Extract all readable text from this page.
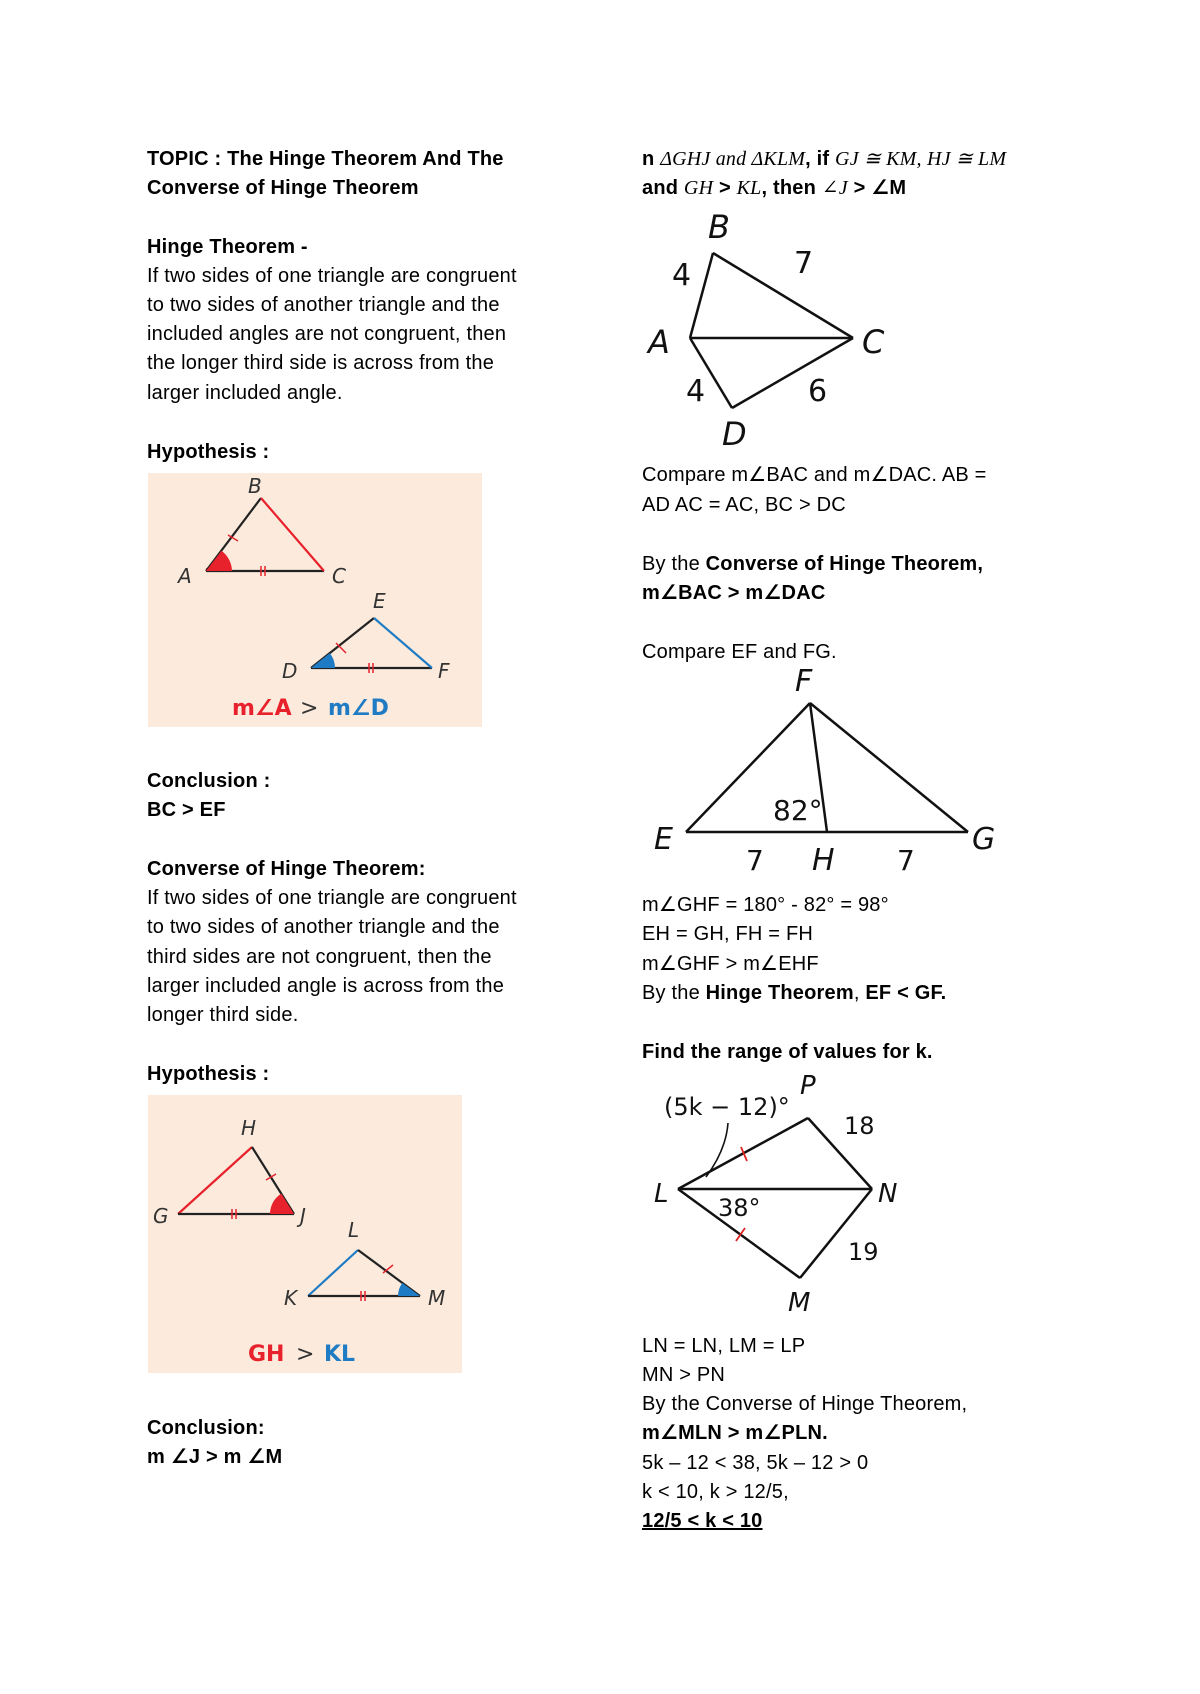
TOPIC : The Hinge Theorem And The
Converse of Hinge Theorem
Hinge Theorem -
If two sides of one triangle are congruent
to two sides of another triangle and the
included angles are not congruent, then
the longer third side is across from the
larger included angle.
Hypothesis :
B
A	C
E
D	F
m∠A > m∠D
Conclusion :
BC > EF
Converse of Hinge Theorem:
If two sides of one triangle are congruent
to two sides of another triangle and the
third sides are not congruent, then the
larger included angle is across from the
longer third side.
Hypothesis :
H
G	J
L
K	M
GH > KL
Conclusion:
m ∠J > m ∠M
n ΔGHJ and ΔKLM, if GJ ≅ KM, HJ ≅ LM
and GH > KL, then ∠J > ∠M
B
A	C
D
4	7
4	6
Compare m∠BAC and m∠DAC. AB =
AD AC = AC, BC > DC
By the Converse of Hinge Theorem,
m∠BAC > m∠DAC
Compare EF and FG.
F
E
H
G
82°
7	7
m∠GHF = 180° - 82° = 98°
EH = GH, FH = FH
m∠GHF > m∠EHF
By the Hinge Theorem, EF < GF.
Find the range of values for k.
(5k − 12)°
P
L	N
M
38°
18
19
LN = LN, LM = LP
MN > PN
By the Converse of Hinge Theorem,
m∠MLN > m∠PLN.
5k – 12 < 38, 5k – 12 > 0
k < 10, k > 12/5,
12/5 < k < 10
